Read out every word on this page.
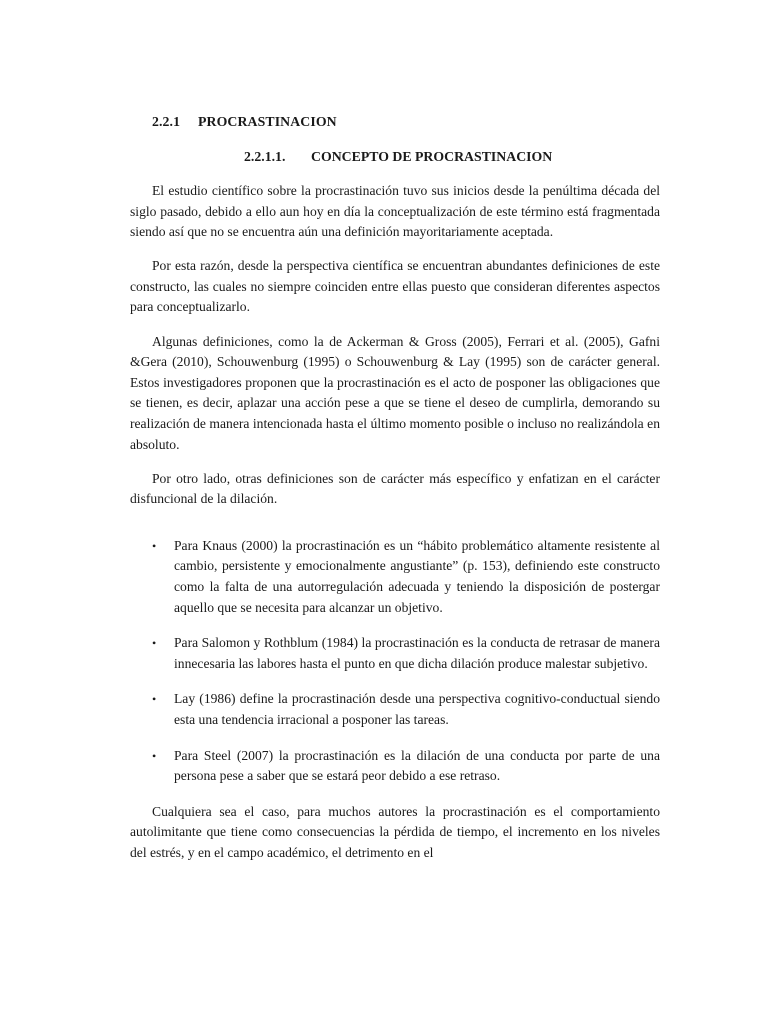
2.2.1 PROCRASTINACION
2.2.1.1. CONCEPTO DE PROCRASTINACION

El estudio científico sobre la procrastinación tuvo sus inicios desde la penúltima década del siglo pasado, debido a ello aun hoy en día la conceptualización de este término está fragmentada siendo así que no se encuentra aún una definición mayoritariamente aceptada.

Por esta razón, desde la perspectiva científica se encuentran abundantes definiciones de este constructo, las cuales no siempre coinciden entre ellas puesto que consideran diferentes aspectos para conceptualizarlo.

Algunas definiciones, como la de Ackerman & Gross (2005), Ferrari et al. (2005), Gafni &Gera (2010), Schouwenburg (1995) o Schouwenburg & Lay (1995) son de carácter general. Estos investigadores proponen que la procrastinación es el acto de posponer las obligaciones que se tienen, es decir, aplazar una acción pese a que se tiene el deseo de cumplirla, demorando su realización de manera intencionada hasta el último momento posible o incluso no realizándola en absoluto.

Por otro lado, otras definiciones son de carácter más específico y enfatizan en el carácter disfuncional de la dilación.

• Para Knaus (2000) la procrastinación es un “hábito problemático altamente resistente al cambio, persistente y emocionalmente angustiante” (p. 153), definiendo este constructo como la falta de una autorregulación adecuada y teniendo la disposición de postergar aquello que se necesita para alcanzar un objetivo.
• Para Salomon y Rothblum (1984) la procrastinación es la conducta de retrasar de manera innecesaria las labores hasta el punto en que dicha dilación produce malestar subjetivo.
• Lay (1986) define la procrastinación desde una perspectiva cognitivo-conductual siendo esta una tendencia irracional a posponer las tareas.
• Para Steel (2007) la procrastinación es la dilación de una conducta por parte de una persona pese a saber que se estará peor debido a ese retraso.

Cualquiera sea el caso, para muchos autores la procrastinación es el comportamiento autolimitante que tiene como consecuencias la pérdida de tiempo, el incremento en los niveles del estrés, y en el campo académico, el detrimento en el
